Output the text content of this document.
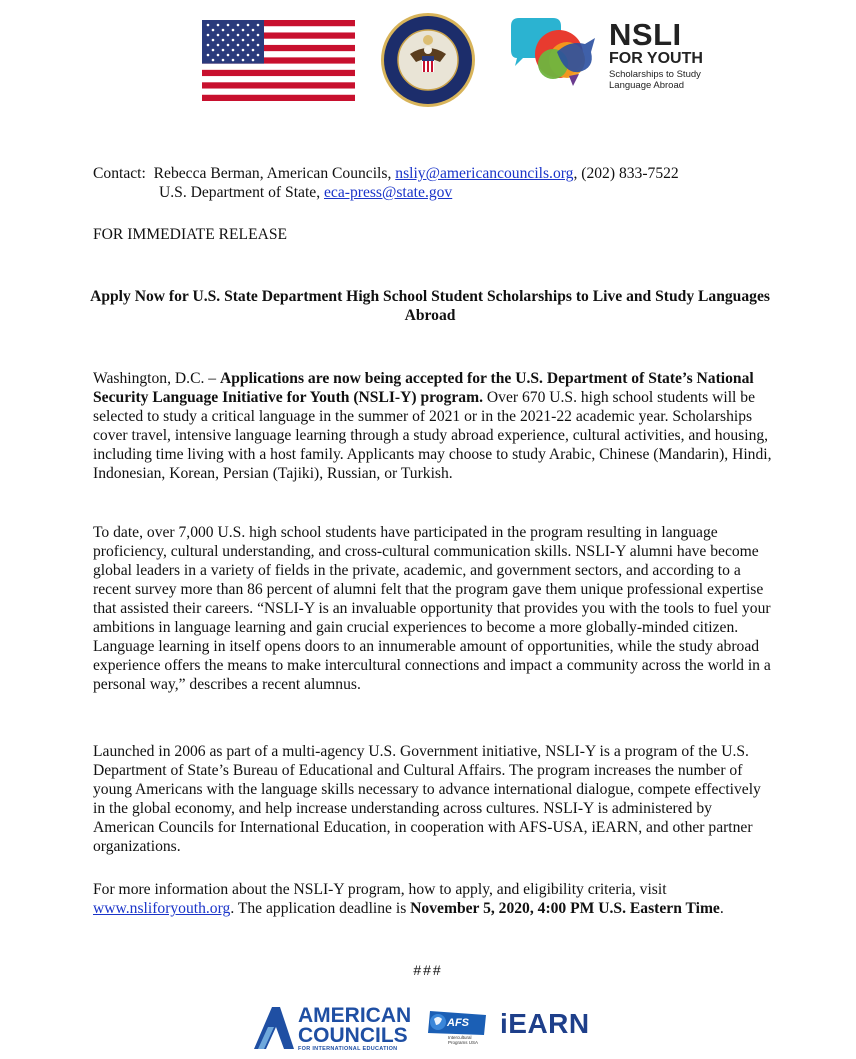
NSLI
FOR YOUTH
Scholarships to Study
Language Abroad
Contact: Rebecca Berman, American Councils, nsliy@americancouncils.org, (202) 833-7522
U.S. Department of State, eca-press@state.gov
FOR IMMEDIATE RELEASE
Apply Now for U.S. State Department High School Student Scholarships to Live and Study Languages Abroad
Washington, D.C. – Applications are now being accepted for the U.S. Department of State’s National Security Language Initiative for Youth (NSLI-Y) program. Over 670 U.S. high school students will be selected to study a critical language in the summer of 2021 or in the 2021-22 academic year. Scholarships cover travel, intensive language learning through a study abroad experience, cultural activities, and housing, including time living with a host family. Applicants may choose to study Arabic, Chinese (Mandarin), Hindi, Indonesian, Korean, Persian (Tajiki), Russian, or Turkish.
To date, over 7,000 U.S. high school students have participated in the program resulting in language proficiency, cultural understanding, and cross-cultural communication skills. NSLI-Y alumni have become global leaders in a variety of fields in the private, academic, and government sectors, and according to a recent survey more than 86 percent of alumni felt that the program gave them unique professional expertise that assisted their careers. “NSLI-Y is an invaluable opportunity that provides you with the tools to fuel your ambitions in language learning and gain crucial experiences to become a more globally-minded citizen. Language learning in itself opens doors to an innumerable amount of opportunities, while the study abroad experience offers the means to make intercultural connections and impact a community across the world in a personal way,” describes a recent alumnus.
Launched in 2006 as part of a multi-agency U.S. Government initiative, NSLI-Y is a program of the U.S. Department of State’s Bureau of Educational and Cultural Affairs. The program increases the number of young Americans with the language skills necessary to advance international dialogue, compete effectively in the global economy, and help increase understanding across cultures. NSLI-Y is administered by American Councils for International Education, in cooperation with AFS-USA, iEARN, and other partner organizations.
For more information about the NSLI-Y program, how to apply, and eligibility criteria, visit www.nsliforyouth.org. The application deadline is November 5, 2020, 4:00 PM U.S. Eastern Time.
###
AMERICAN
COUNCILS
FOR INTERNATIONAL EDUCATION
AFS
Intercultural
Programs USA
iEARN
